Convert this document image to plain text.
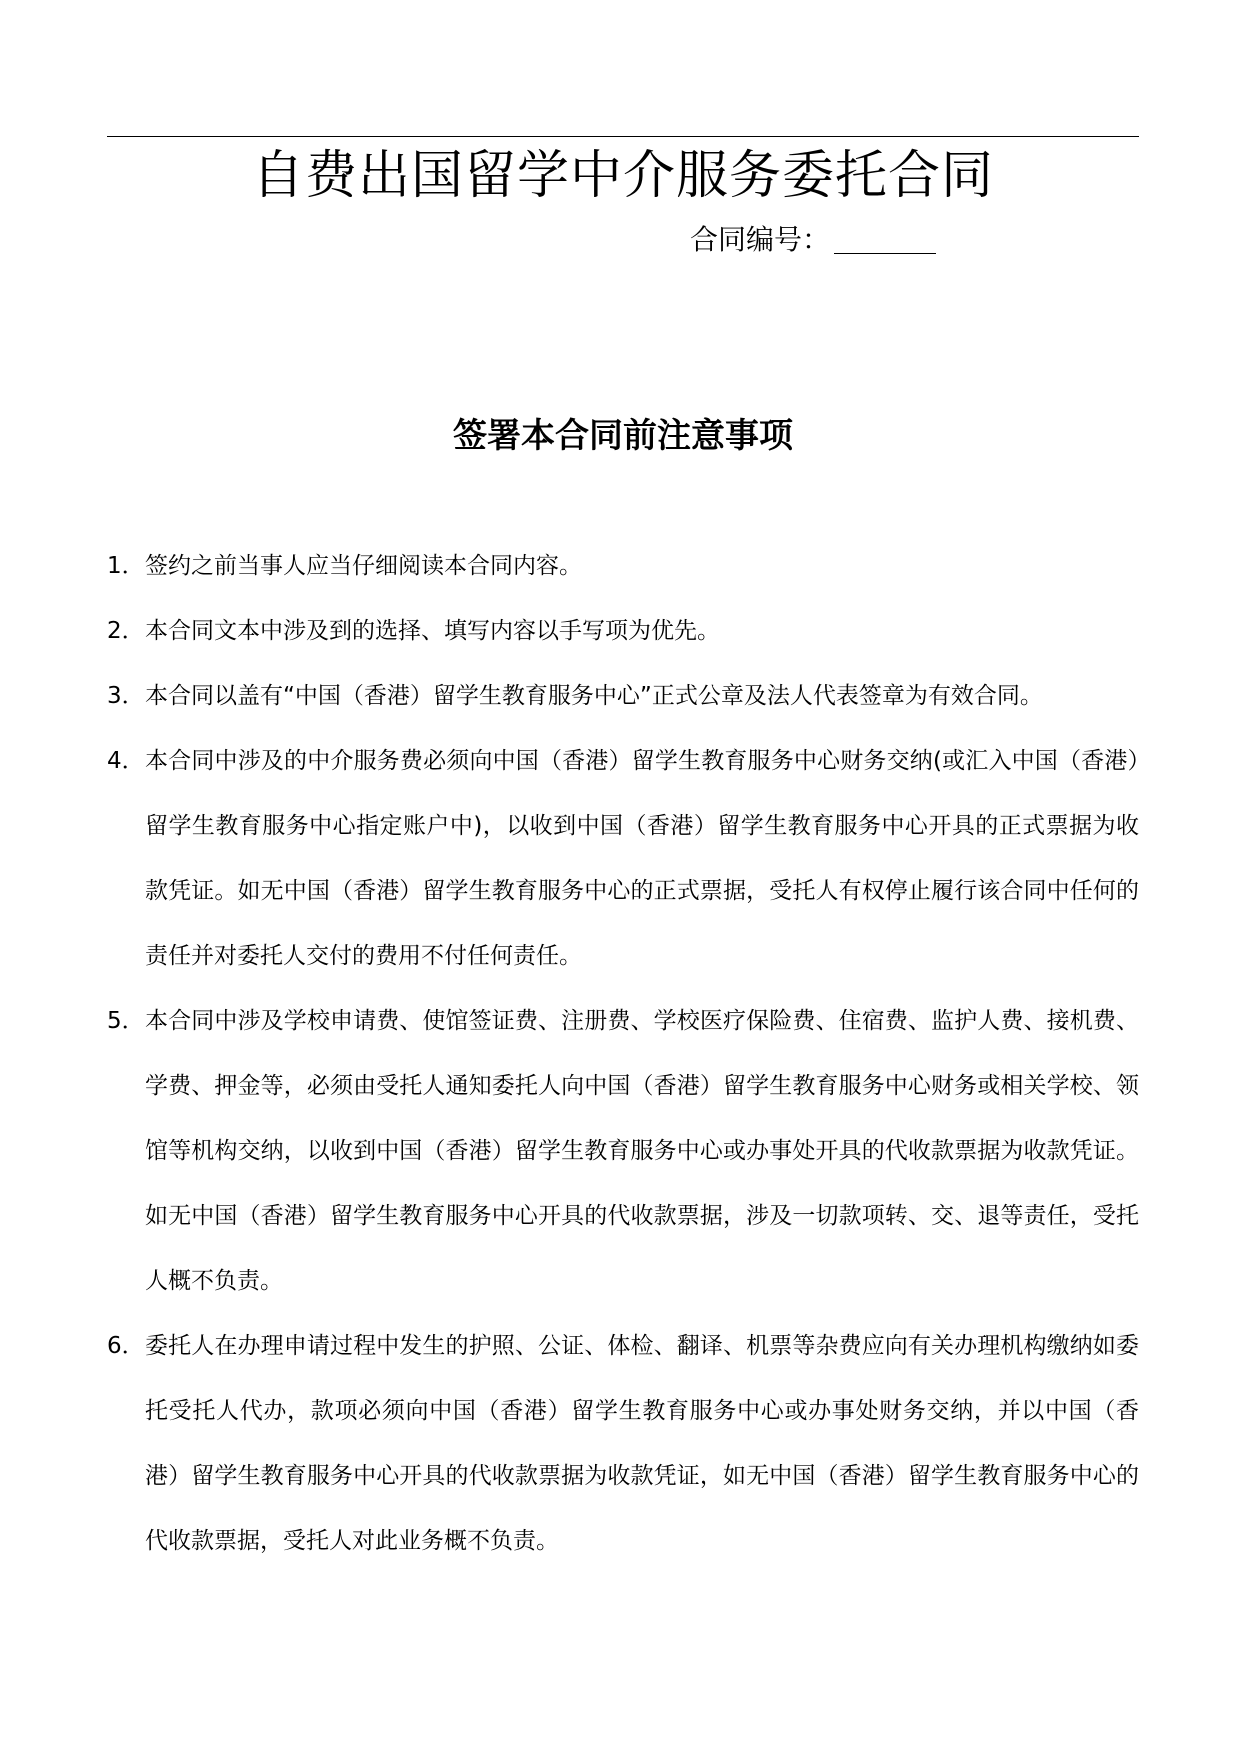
自费出国留学中介服务委托合同
合同编号：
签署本合同前注意事项
1． 签约之前当事人应当仔细阅读本合同内容。
2． 本合同文本中涉及到的选择、填写内容以手写项为优先。
3． 本合同以盖有“中国（香港）留学生教育服务中心”正式公章及法人代表签章为有效合同。
4． 本合同中涉及的中介服务费必须向中国（香港）留学生教育服务中心财务交纳(或汇入中国（香港）留学生教育服务中心指定账户中)，以收到中国（香港）留学生教育服务中心开具的正式票据为收款凭证。如无中国（香港）留学生教育服务中心的正式票据，受托人有权停止履行该合同中任何的责任并对委托人交付的费用不付任何责任。
5． 本合同中涉及学校申请费、使馆签证费、注册费、学校医疗保险费、住宿费、监护人费、接机费、学费、押金等，必须由受托人通知委托人向中国（香港）留学生教育服务中心财务或相关学校、领馆等机构交纳，以收到中国（香港）留学生教育服务中心或办事处开具的代收款票据为收款凭证。如无中国（香港）留学生教育服务中心开具的代收款票据，涉及一切款项转、交、退等责任，受托人概不负责。
6． 委托人在办理申请过程中发生的护照、公证、体检、翻译、机票等杂费应向有关办理机构缴纳如委托受托人代办，款项必须向中国（香港）留学生教育服务中心或办事处财务交纳，并以中国（香港）留学生教育服务中心开具的代收款票据为收款凭证，如无中国（香港）留学生教育服务中心的代收款票据，受托人对此业务概不负责。
